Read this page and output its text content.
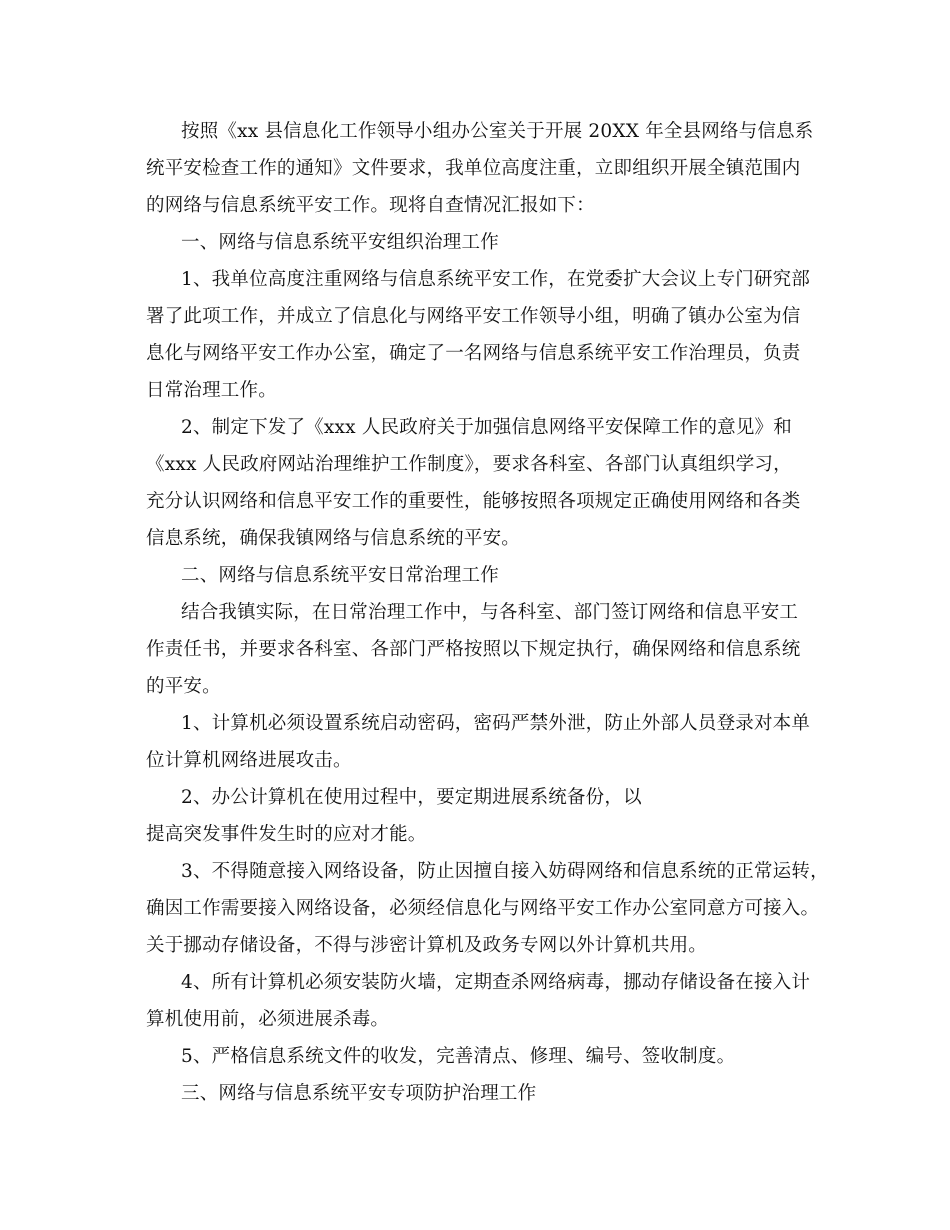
按照《xx 县信息化工作领导小组办公室关于开展 20XX 年全县网络与信息系
统平安检查工作的通知》文件要求，我单位高度注重，立即组织开展全镇范围内
的网络与信息系统平安工作。现将自查情况汇报如下：
一、网络与信息系统平安组织治理工作
1、我单位高度注重网络与信息系统平安工作，在党委扩大会议上专门研究部
署了此项工作，并成立了信息化与网络平安工作领导小组，明确了镇办公室为信
息化与网络平安工作办公室，确定了一名网络与信息系统平安工作治理员，负责
日常治理工作。
2、制定下发了《xxx 人民政府关于加强信息网络平安保障工作的意见》和
《xxx 人民政府网站治理维护工作制度》，要求各科室、各部门认真组织学习，
充分认识网络和信息平安工作的重要性，能够按照各项规定正确使用网络和各类
信息系统，确保我镇网络与信息系统的平安。
二、网络与信息系统平安日常治理工作
结合我镇实际，在日常治理工作中，与各科室、部门签订网络和信息平安工
作责任书，并要求各科室、各部门严格按照以下规定执行，确保网络和信息系统
的平安。
1、计算机必须设置系统启动密码，密码严禁外泄，防止外部人员登录对本单
位计算机网络进展攻击。
2、办公计算机在使用过程中，要定期进展系统备份，以
提高突发事件发生时的应对才能。
3、不得随意接入网络设备，防止因擅自接入妨碍网络和信息系统的正常运转，
确因工作需要接入网络设备，必须经信息化与网络平安工作办公室同意方可接入。
关于挪动存储设备，不得与涉密计算机及政务专网以外计算机共用。
4、所有计算机必须安装防火墙，定期查杀网络病毒，挪动存储设备在接入计
算机使用前，必须进展杀毒。
5、严格信息系统文件的收发，完善清点、修理、编号、签收制度。
三、网络与信息系统平安专项防护治理工作
